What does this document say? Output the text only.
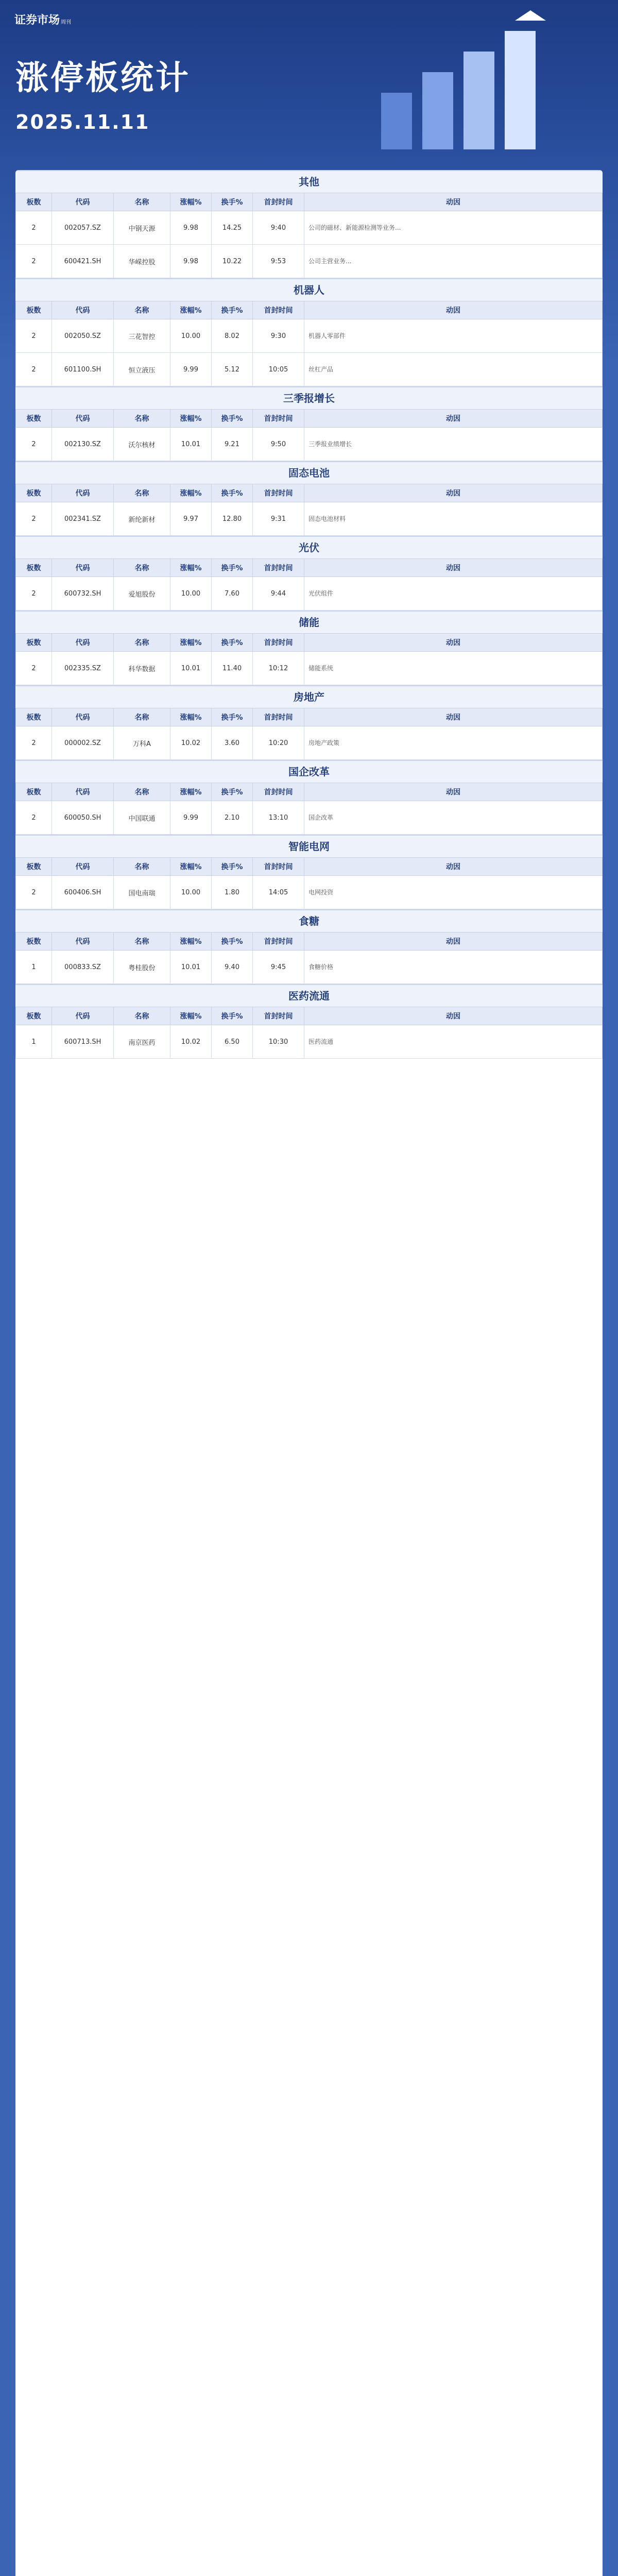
证券市场 周刊
涨停板统计
2025.11.11
其他
板数	代码	名称	涨幅%	换手%	首封时间	动因
2	002057.SZ	中钢天源	9.98	14.25	9:40	公司的磁材、新能源检测等业务...
2	600421.SH	华嵘控股	9.98	10.22	9:53	公司主营业务...
机器人
板数	代码	名称	涨幅%	换手%	首封时间	动因
2	002050.SZ	三花智控	10.00	8.02	9:30	机器人零部件
2	601100.SH	恒立液压	9.99	5.12	10:05	丝杠产品
三季报增长
板数	代码	名称	涨幅%	换手%	首封时间	动因
2	002130.SZ	沃尔核材	10.01	9.21	9:50	三季报业绩增长
固态电池
板数	代码	名称	涨幅%	换手%	首封时间	动因
2	002341.SZ	新纶新材	9.97	12.80	9:31	固态电池材料
光伏
板数	代码	名称	涨幅%	换手%	首封时间	动因
2	600732.SH	爱旭股份	10.00	7.60	9:44	光伏组件
储能
板数	代码	名称	涨幅%	换手%	首封时间	动因
2	002335.SZ	科华数据	10.01	11.40	10:12	储能系统
房地产
板数	代码	名称	涨幅%	换手%	首封时间	动因
2	000002.SZ	万科A	10.02	3.60	10:20	房地产政策
国企改革
板数	代码	名称	涨幅%	换手%	首封时间	动因
2	600050.SH	中国联通	9.99	2.10	13:10	国企改革
智能电网
板数	代码	名称	涨幅%	换手%	首封时间	动因
2	600406.SH	国电南瑞	10.00	1.80	14:05	电网投资
食糖
板数	代码	名称	涨幅%	换手%	首封时间	动因
1	000833.SZ	粤桂股份	10.01	9.40	9:45	食糖价格
医药流通
板数	代码	名称	涨幅%	换手%	首封时间	动因
1	600713.SH	南京医药	10.02	6.50	10:30	医药流通
